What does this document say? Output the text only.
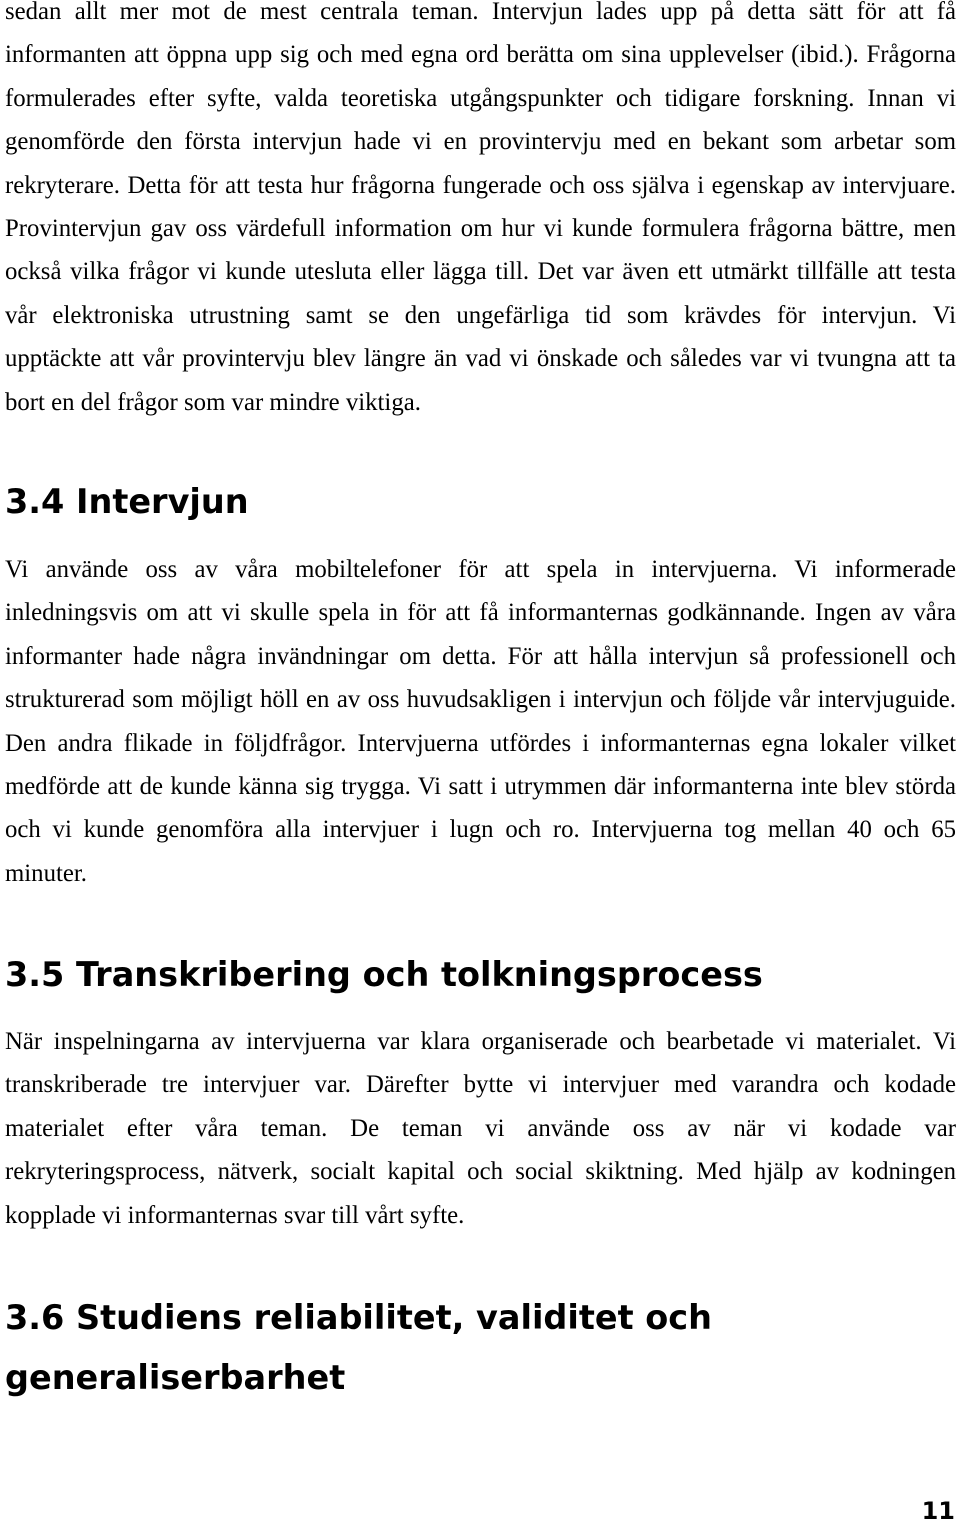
sedan allt mer mot de mest centrala teman. Intervjun lades upp på detta sätt för att få
informanten att öppna upp sig och med egna ord berätta om sina upplevelser (ibid.). Frågorna
formulerades efter syfte, valda teoretiska utgångspunkter och tidigare forskning. Innan vi
genomförde den första intervjun hade vi en provintervju med en bekant som arbetar som
rekryterare. Detta för att testa hur frågorna fungerade och oss själva i egenskap av intervjuare.
Provintervjun gav oss värdefull information om hur vi kunde formulera frågorna bättre, men
också vilka frågor vi kunde utesluta eller lägga till. Det var även ett utmärkt tillfälle att testa
vår elektroniska utrustning samt se den ungefärliga tid som krävdes för intervjun. Vi
upptäckte att vår provintervju blev längre än vad vi önskade och således var vi tvungna att ta
bort en del frågor som var mindre viktiga.
3.4 Intervjun
Vi använde oss av våra mobiltelefoner för att spela in intervjuerna. Vi informerade
inledningsvis om att vi skulle spela in för att få informanternas godkännande. Ingen av våra
informanter hade några invändningar om detta. För att hålla intervjun så professionell och
strukturerad som möjligt höll en av oss huvudsakligen i intervjun och följde vår intervjuguide.
Den andra flikade in följdfrågor. Intervjuerna utfördes i informanternas egna lokaler vilket
medförde att de kunde känna sig trygga. Vi satt i utrymmen där informanterna inte blev störda
och vi kunde genomföra alla intervjuer i lugn och ro. Intervjuerna tog mellan 40 och 65
minuter.
3.5 Transkribering och tolkningsprocess
När inspelningarna av intervjuerna var klara organiserade och bearbetade vi materialet. Vi
transkriberade tre intervjuer var. Därefter bytte vi intervjuer med varandra och kodade
materialet efter våra teman. De teman vi använde oss av när vi kodade var
rekryteringsprocess, nätverk, socialt kapital och social skiktning. Med hjälp av kodningen
kopplade vi informanternas svar till vårt syfte.
3.6 Studiens reliabilitet, validitet och generaliserbarhet
11
